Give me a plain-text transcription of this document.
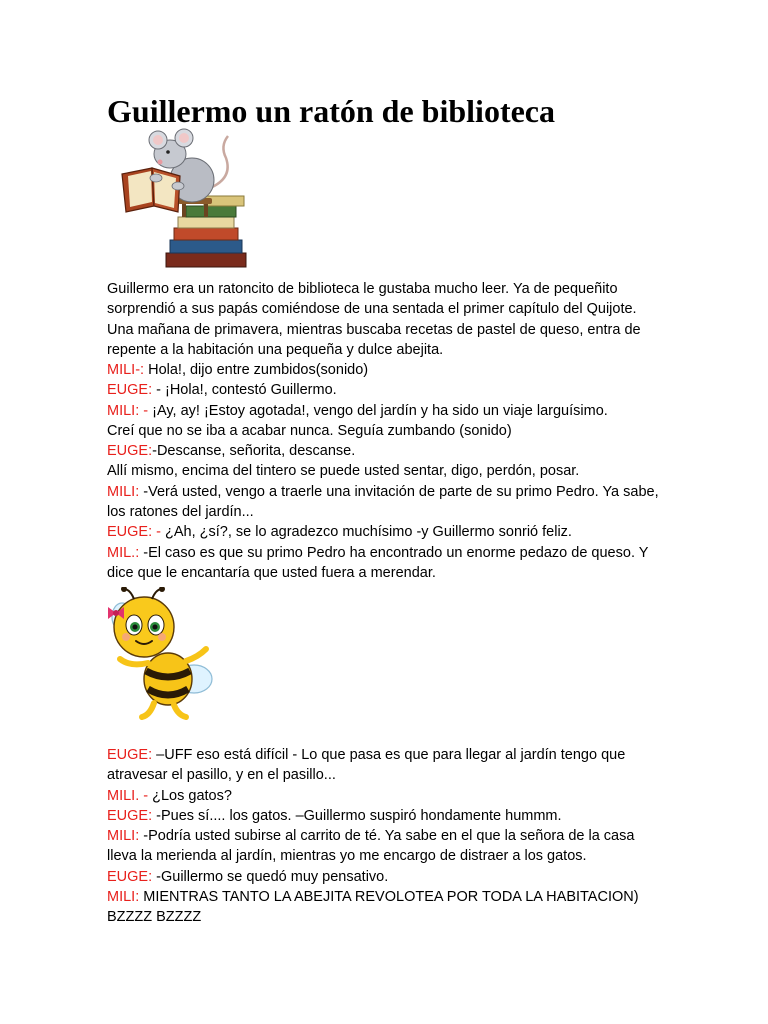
Guillermo un ratón de biblioteca

Guillermo era un ratoncito de biblioteca le gustaba mucho leer. Ya de pequeñito

sorprendió a sus papás comiéndose de una sentada el primer capítulo del Quijote.

Una mañana de primavera, mientras buscaba recetas de pastel de queso, entra de

repente a la habitación una pequeña y dulce abejita.

MILI-: Hola!, dijo entre zumbidos(sonido)

EUGE: - ¡Hola!, contestó Guillermo.

MILI: - ¡Ay, ay! ¡Estoy agotada!, vengo del jardín y ha sido un viaje larguísimo.

Creí que no se iba a acabar nunca. Seguía zumbando (sonido)

EUGE:-Descanse, señorita, descanse.

Allí mismo, encima del tintero se puede usted sentar, digo, perdón, posar.

MILI: -Verá usted, vengo a traerle una invitación de parte de su primo Pedro. Ya sabe,

los ratones del jardín...

EUGE: - ¿Ah, ¿sí?, se lo agradezco muchísimo -y Guillermo sonrió feliz.

MIL.: -El caso es que su primo Pedro ha encontrado un enorme pedazo de queso. Y

dice que le encantaría que usted fuera a merendar.

EUGE: –UFF eso está difícil - Lo que pasa es que para llegar al jardín tengo que

atravesar el pasillo, y en el pasillo...

MILI. - ¿Los gatos?

EUGE: -Pues sí.... los gatos. –Guillermo suspiró hondamente hummm.

MILI: -Podría usted subirse al carrito de té. Ya sabe en el que la señora de la casa

lleva la merienda al jardín, mientras yo me encargo de distraer a los gatos.

EUGE: -Guillermo se quedó muy pensativo.

MILI: MIENTRAS TANTO LA ABEJITA REVOLOTEA POR TODA LA HABITACION)

BZZZZ BZZZZ
